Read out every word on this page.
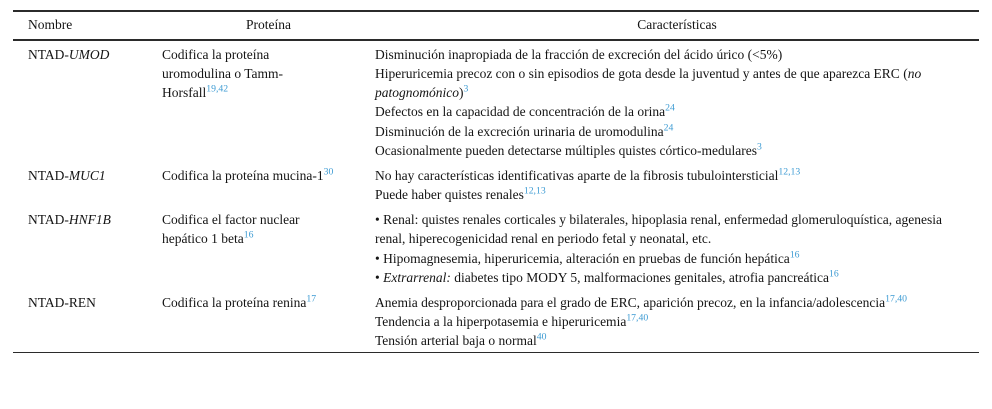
Nombre	Proteína	Características
NTAD-UMOD	Codifica la proteína uromodulina o Tamm-Horsfall$^{19,42}$	Disminución inapropiada de la fracción de excreción del ácido úrico (<5%)
Hiperuricemia precoz con o sin episodios de gota desde la juventud y antes de que aparezca ERC (no patognomónico)$^3$
Defectos en la capacidad de concentración de la orina$^{24}$
Disminución de la excreción urinaria de uromodulina$^{24}$
Ocasionalmente pueden detectarse múltiples quistes córtico-medulares$^3$

NTAD-MUC1	Codifica la proteína mucina-1$^{30}$	No hay características identificativas aparte de la fibrosis tubulointersticial$^{12,13}$
Puede haber quistes renales$^{12,13}$

NTAD-HNF1B	Codifica el factor nuclear hepático 1 beta$^{16}$	• Renal: quistes renales corticales y bilaterales, hipoplasia renal, enfermedad glomeruloquística, agenesia renal, hiperecogenicidad renal en periodo fetal y neonatal, etc.
• Hipomagnesemia, hiperuricemia, alteración en pruebas de función hepática$^{16}$
• Extrarrenal: diabetes tipo MODY 5, malformaciones genitales, atrofia pancreática$^{16}$

NTAD-REN	Codifica la proteína renina$^{17}$	Anemia desproporcionada para el grado de ERC, aparición precoz, en la infancia/adolescencia$^{17,40}$
Tendencia a la hiperpotasemia e hiperuricemia$^{17,40}$
Tensión arterial baja o normal$^{40}$
